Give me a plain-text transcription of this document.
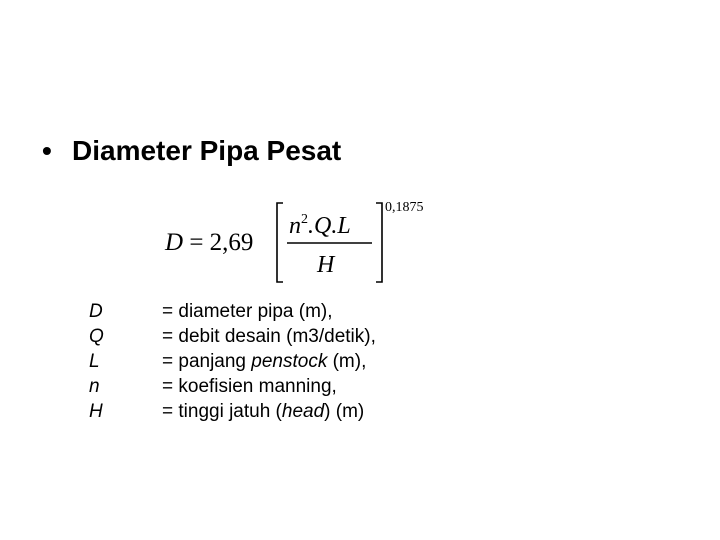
• Diameter Pipa Pesat
D = 2,69
$n^2.Q.L$
H
0,1875
D
Q
L
n
H
= diameter pipa (m),
= debit desain (m3/detik),
= panjang penstock (m),
= koefisien manning,
= tinggi jatuh (head) (m)
